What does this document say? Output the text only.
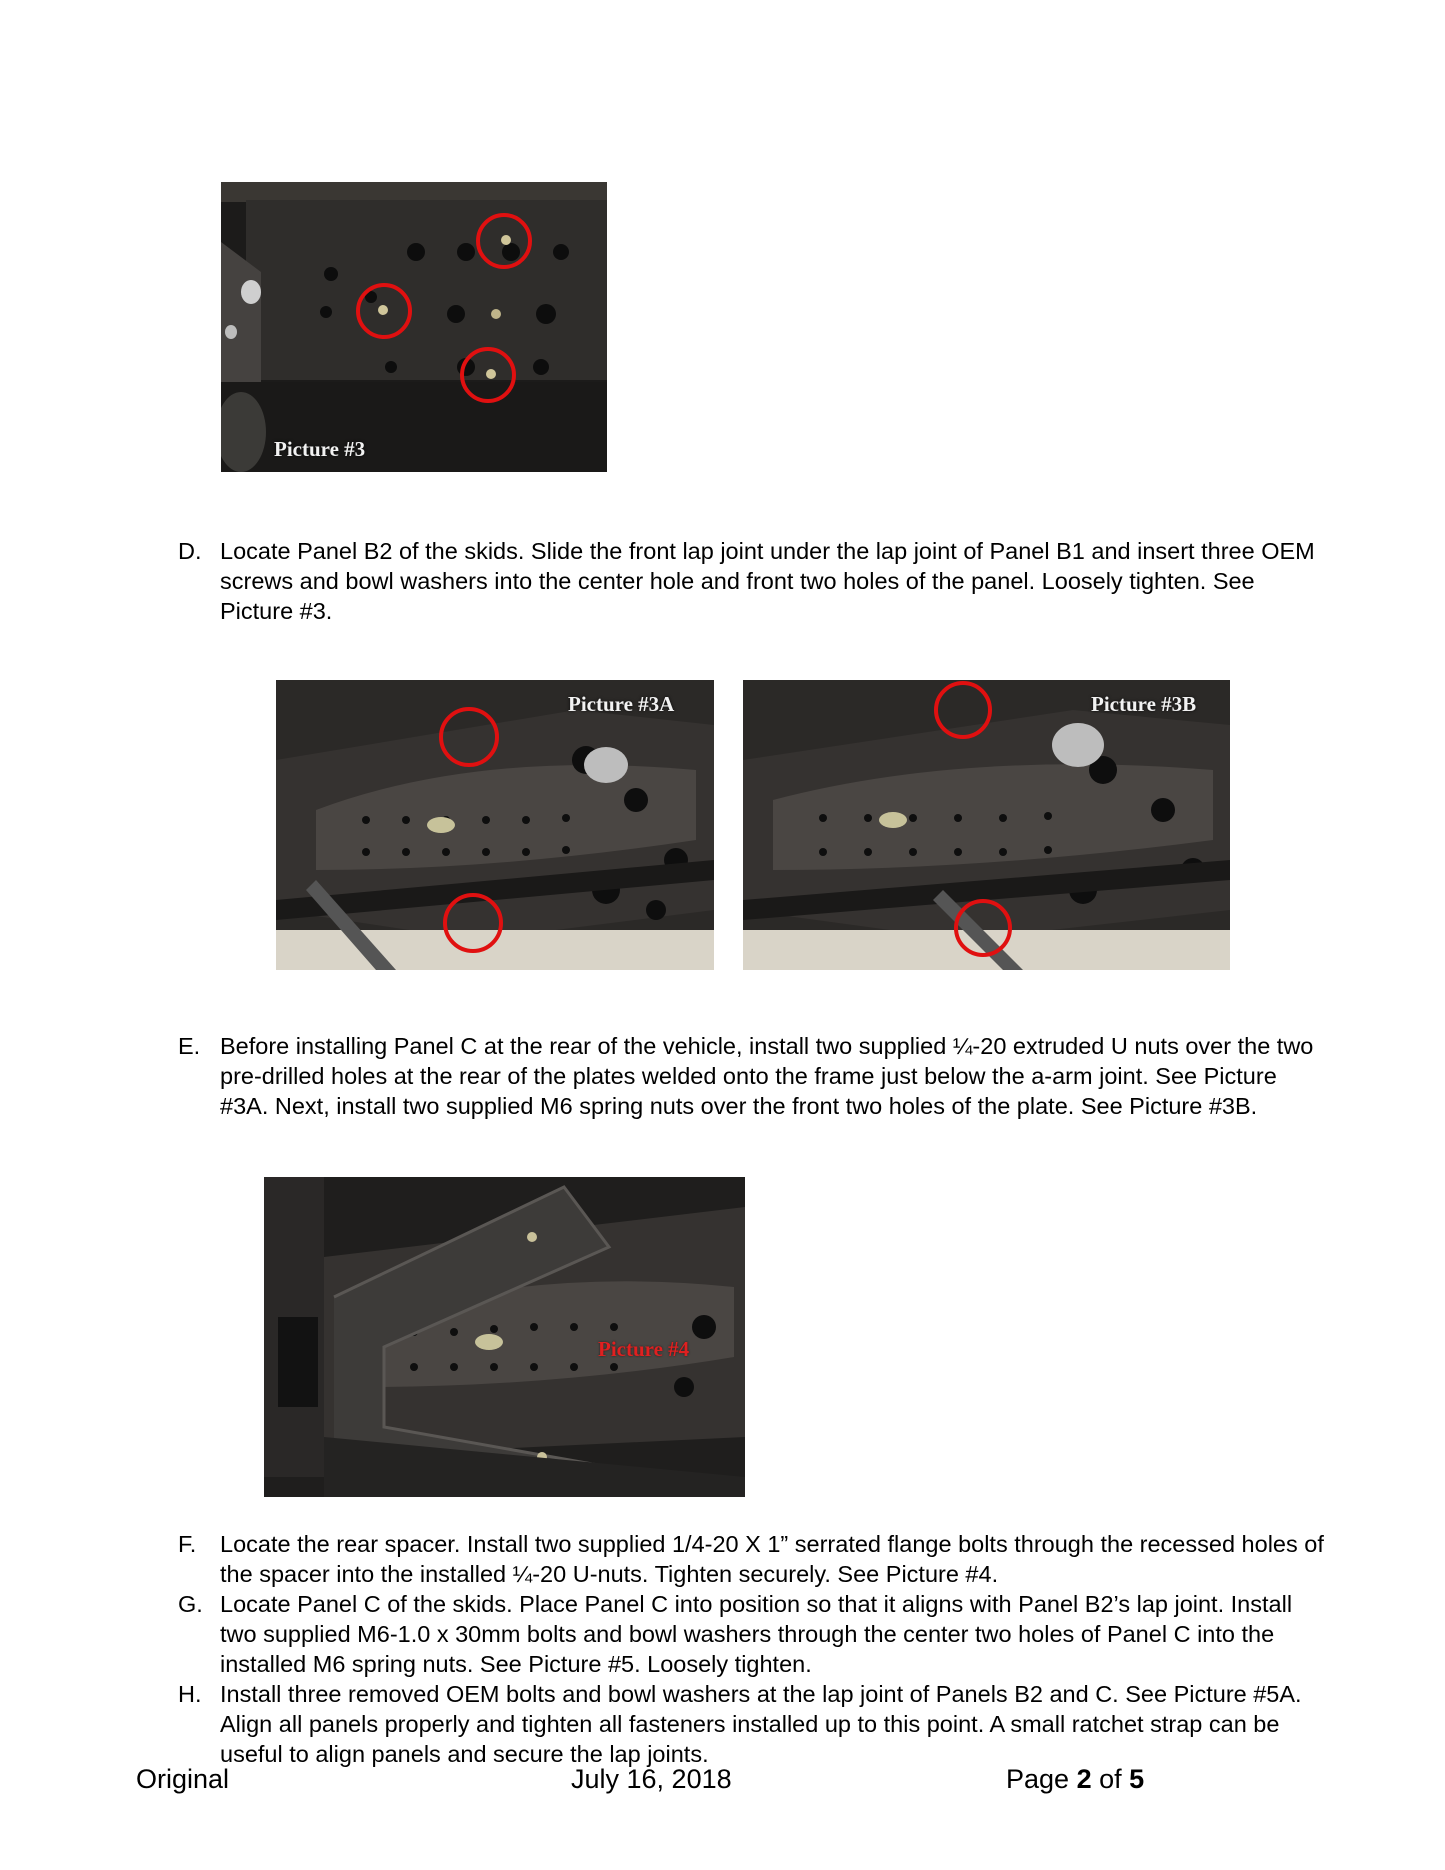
Picture #3
D. Locate Panel B2 of the skids. Slide the front lap joint under the lap joint of Panel B1 and insert three OEM screws and bowl washers into the center hole and front two holes of the panel. Loosely tighten. See Picture #3.
Picture #3A	Picture #3B
E. Before installing Panel C at the rear of the vehicle, install two supplied ¼-20 extruded U nuts over the two pre-drilled holes at the rear of the plates welded onto the frame just below the a-arm joint. See Picture #3A. Next, install two supplied M6 spring nuts over the front two holes of the plate. See Picture #3B.
Picture #4
F. Locate the rear spacer. Install two supplied 1/4-20 X 1” serrated flange bolts through the recessed holes of the spacer into the installed ¼-20 U-nuts. Tighten securely. See Picture #4.
G. Locate Panel C of the skids. Place Panel C into position so that it aligns with Panel B2’s lap joint. Install two supplied M6-1.0 x 30mm bolts and bowl washers through the center two holes of Panel C into the installed M6 spring nuts. See Picture #5. Loosely tighten.
H. Install three removed OEM bolts and bowl washers at the lap joint of Panels B2 and C. See Picture #5A. Align all panels properly and tighten all fasteners installed up to this point. A small ratchet strap can be useful to align panels and secure the lap joints.
Original	July 16, 2018	Page 2 of 5
